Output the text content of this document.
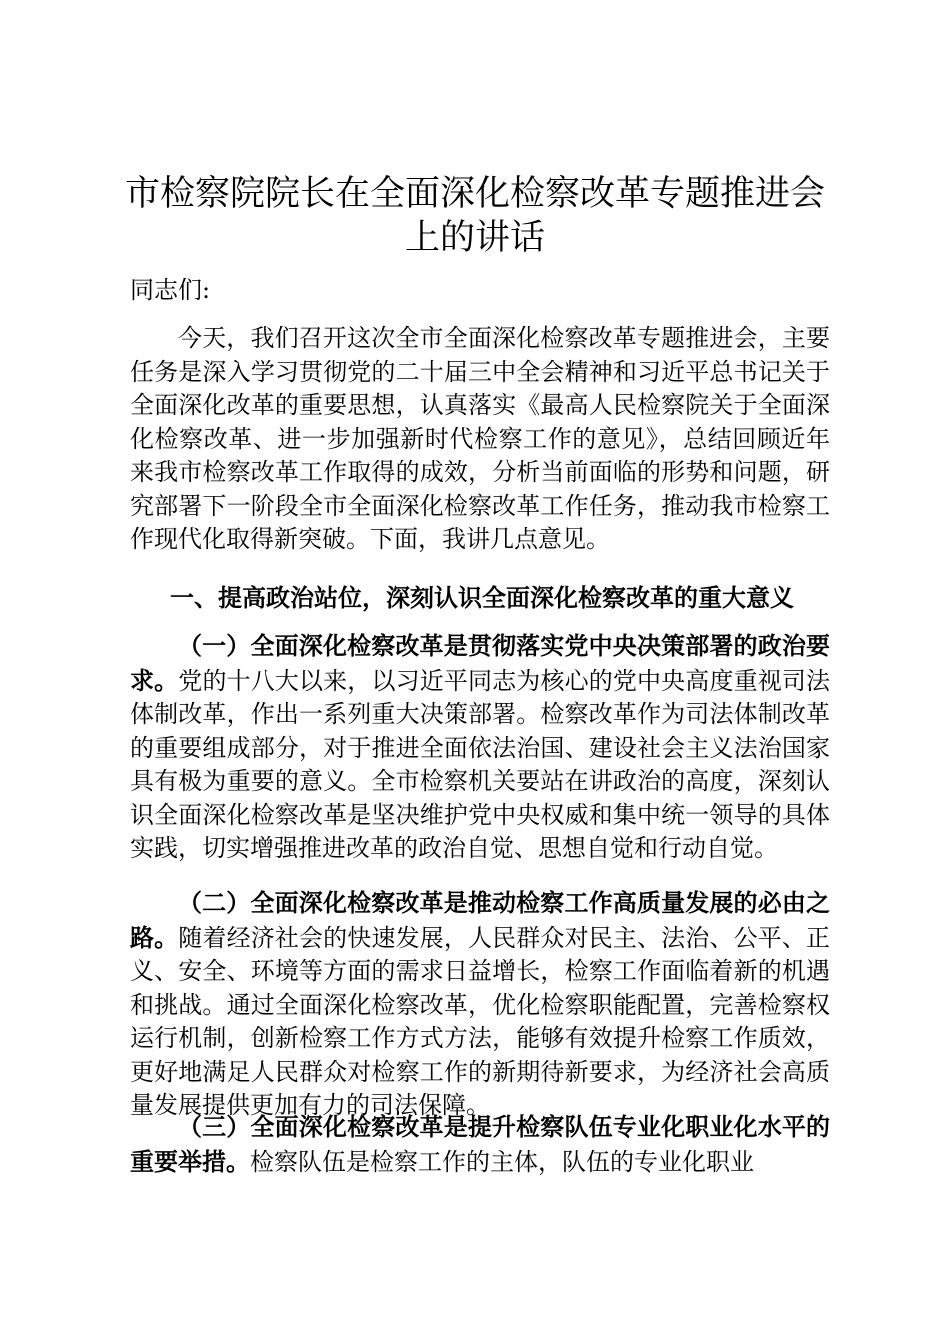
市检察院院长在全面深化检察改革专题推进会上的讲话

同志们:

今天，我们召开这次全市全面深化检察改革专题推进会，主要任务是深入学习贯彻党的二十届三中全会精神和习近平总书记关于全面深化改革的重要思想，认真落实《最高人民检察院关于全面深化检察改革、进一步加强新时代检察工作的意见》，总结回顾近年来我市检察改革工作取得的成效，分析当前面临的形势和问题，研究部署下一阶段全市全面深化检察改革工作任务，推动我市检察工作现代化取得新突破。下面，我讲几点意见。

一、提高政治站位，深刻认识全面深化检察改革的重大意义

（一）全面深化检察改革是贯彻落实党中央决策部署的政治要求。党的十八大以来，以习近平同志为核心的党中央高度重视司法体制改革，作出一系列重大决策部署。检察改革作为司法体制改革的重要组成部分，对于推进全面依法治国、建设社会主义法治国家具有极为重要的意义。全市检察机关要站在讲政治的高度，深刻认识全面深化检察改革是坚决维护党中央权威和集中统一领导的具体实践，切实增强推进改革的政治自觉、思想自觉和行动自觉。

（二）全面深化检察改革是推动检察工作高质量发展的必由之路。随着经济社会的快速发展，人民群众对民主、法治、公平、正义、安全、环境等方面的需求日益增长，检察工作面临着新的机遇和挑战。通过全面深化检察改革，优化检察职能配置，完善检察权运行机制，创新检察工作方式方法，能够有效提升检察工作质效，更好地满足人民群众对检察工作的新期待新要求，为经济社会高质量发展提供更加有力的司法保障。

（三）全面深化检察改革是提升检察队伍专业化职业化水平的重要举措。检察队伍是检察工作的主体，队伍的专业化职业
